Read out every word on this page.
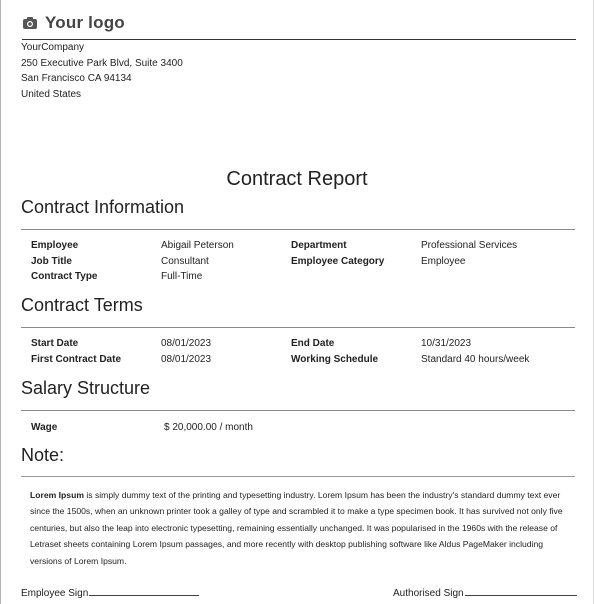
Your logo
YourCompany
250 Executive Park Blvd, Suite 3400
San Francisco CA 94134
United States
Contract Report
Contract Information
Employee	Abigail Peterson	Department	Professional Services
Job Title	Consultant	Employee Category	Employee
Contract Type	Full-Time
Contract Terms
Start Date	08/01/2023	End Date	10/31/2023
First Contract Date	08/01/2023	Working Schedule	Standard 40 hours/week
Salary Structure
Wage	$ 20,000.00 / month
Note:
Lorem Ipsum is simply dummy text of the printing and typesetting industry. Lorem Ipsum has been the industry's standard dummy text ever since the 1500s, when an unknown printer took a galley of type and scrambled it to make a type specimen book. It has survived not only five centuries, but also the leap into electronic typesetting, remaining essentially unchanged. It was popularised in the 1960s with the release of Letraset sheets containing Lorem Ipsum passages, and more recently with desktop publishing software like Aldus PageMaker including versions of Lorem Ipsum.
Employee Sign	Authorised Sign
